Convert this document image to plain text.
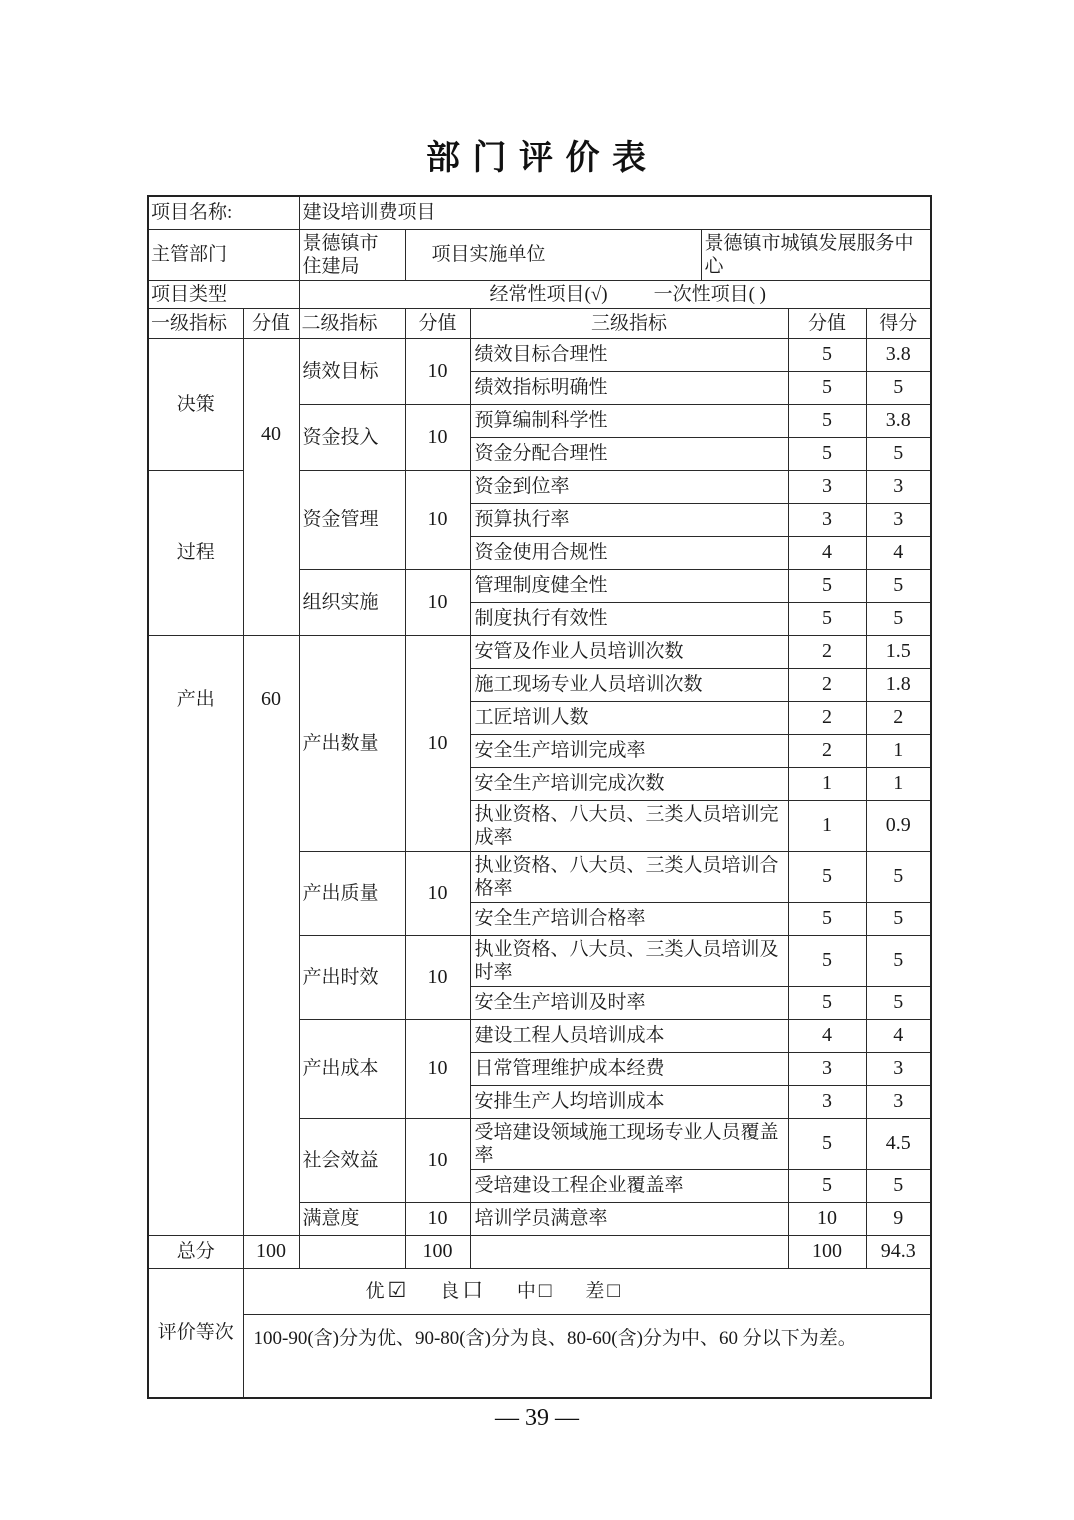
部 门 评 价 表
项目名称:		建设培训费项目					
主管部门		景德镇市住建局	项目实施单位		景德镇市城镇发展服务中心		
项目类型		经常性项目(√) 一次性项目( )					
一级指标	分值	二级指标	分值	三级指标		分值	得分
决策	40	绩效目标	10	绩效目标合理性		5	3.8
				绩效指标明确性		5	5
		资金投入	10	预算编制科学性		5	3.8
				资金分配合理性		5	5
过程		资金管理	10	资金到位率		3	3
				预算执行率		3	3
				资金使用合规性		4	4
		组织实施	10	管理制度健全性		5	5
				制度执行有效性		5	5
产出	60	产出数量	10	安管及作业人员培训次数		2	1.5
				施工现场专业人员培训次数		2	1.8
				工匠培训人数		2	2
				安全生产培训完成率		2	1
				安全生产培训完成次数		1	1
				执业资格、八大员、三类人员培训完成率		1	0.9
		产出质量	10	执业资格、八大员、三类人员培训合格率		5	5
				安全生产培训合格率		5	5
		产出时效	10	执业资格、八大员、三类人员培训及时率		5	5
				安全生产培训及时率		5	5
		产出成本	10	建设工程人员培训成本		4	4
				日常管理维护成本经费		3	3
				安排生产人均培训成本		3	3
		社会效益	10	受培建设领域施工现场专业人员覆盖率		5	4.5
				受培建设工程企业覆盖率		5	5
		满意度	10	培训学员满意率		10	9
总分	100		100			100	94.3
评价等次	优 ☑ 良 口 中 □ 差 □						
	100-90(含)分为优、90-80(含)分为良、80-60(含)分为中、60 分以下为差。						
— 39 —
